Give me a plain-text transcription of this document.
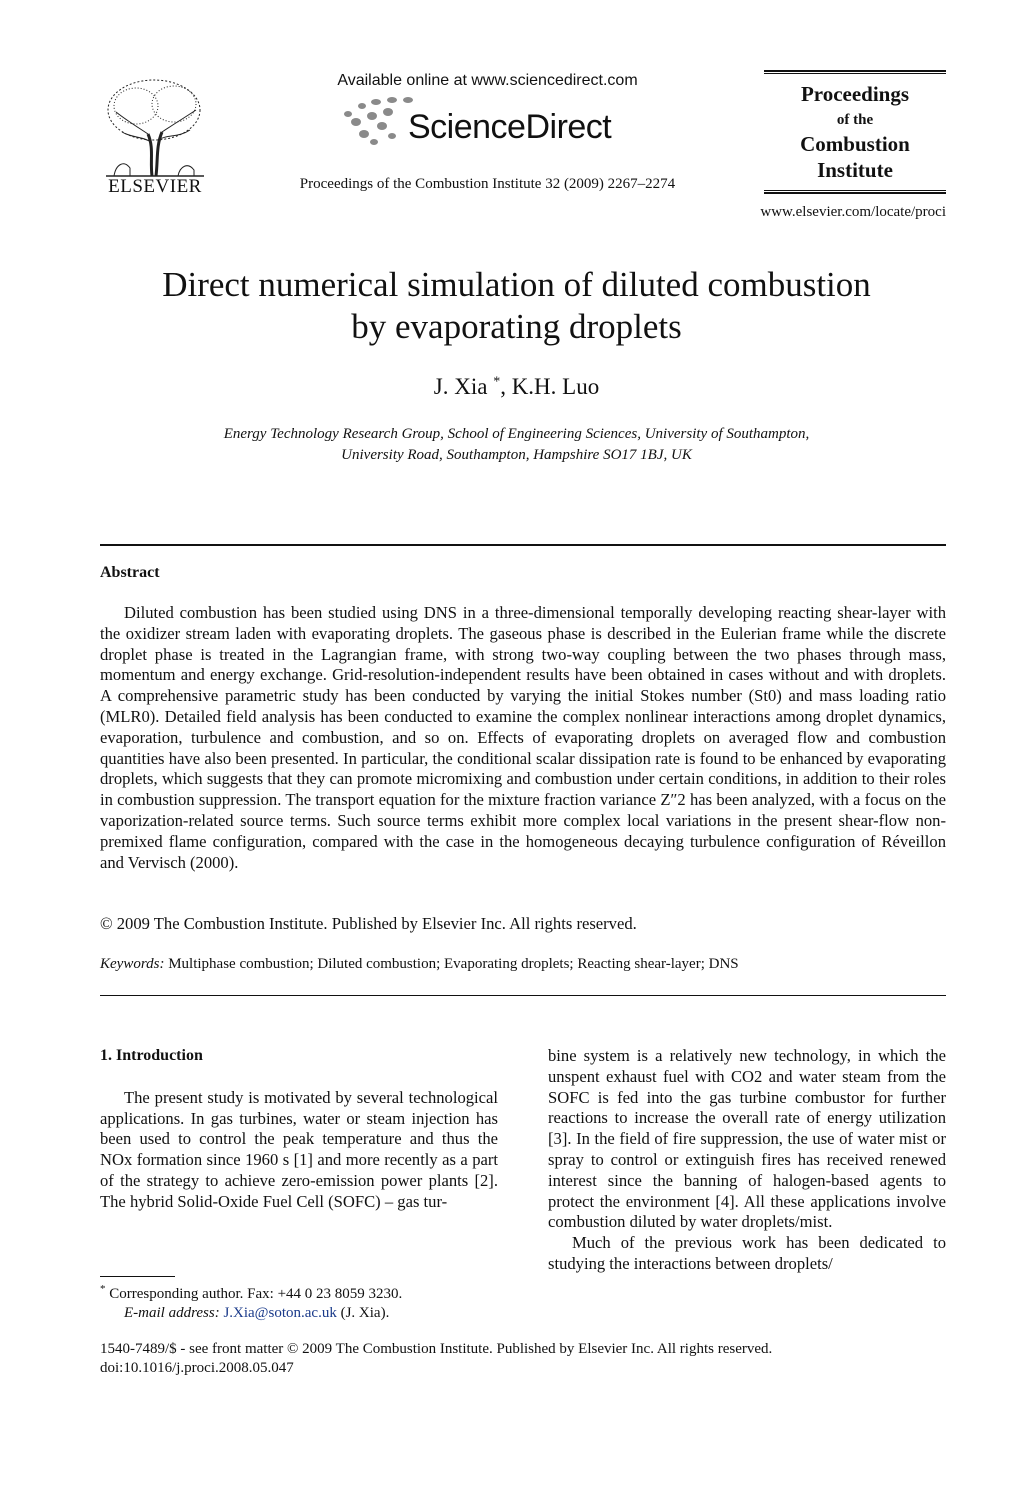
ELSEVIER
Available online at www.sciencedirect.com
ScienceDirect
Proceedings of the Combustion Institute 32 (2009) 2267–2274
Proceedings
of the
Combustion
Institute
www.elsevier.com/locate/proci
Direct numerical simulation of diluted combustion
by evaporating droplets
J. Xia *, K.H. Luo
Energy Technology Research Group, School of Engineering Sciences, University of Southampton,
University Road, Southampton, Hampshire SO17 1BJ, UK
Abstract

Diluted combustion has been studied using DNS in a three-dimensional temporally developing reacting shear-layer with the oxidizer stream laden with evaporating droplets. The gaseous phase is described in the Eulerian frame while the discrete droplet phase is treated in the Lagrangian frame, with strong two-way coupling between the two phases through mass, momentum and energy exchange. Grid-resolution-independent results have been obtained in cases without and with droplets. A comprehensive parametric study has been conducted by varying the initial Stokes number (St0) and mass loading ratio (MLR0). Detailed field analysis has been conducted to examine the complex nonlinear interactions among droplet dynamics, evaporation, turbulence and combustion, and so on. Effects of evaporating droplets on averaged flow and combustion quantities have also been presented. In particular, the conditional scalar dissipation rate is found to be enhanced by evaporating droplets, which suggests that they can promote micromixing and combustion under certain conditions, in addition to their roles in combustion suppression. The transport equation for the mixture fraction variance Z″2 has been analyzed, with a focus on the vaporization-related source terms. Such source terms exhibit more complex local variations in the present shear-flow non-premixed flame configuration, compared with the case in the homogeneous decaying turbulence configuration of Réveillon and Vervisch (2000).

© 2009 The Combustion Institute. Published by Elsevier Inc. All rights reserved.
Keywords: Multiphase combustion; Diluted combustion; Evaporating droplets; Reacting shear-layer; DNS
1. Introduction

The present study is motivated by several technological applications. In gas turbines, water or steam injection has been used to control the peak temperature and thus the NOx formation since 1960 s [1] and more recently as a part of the strategy to achieve zero-emission power plants [2]. The hybrid Solid-Oxide Fuel Cell (SOFC) – gas tur-

bine system is a relatively new technology, in which the unspent exhaust fuel with CO2 and water steam from the SOFC is fed into the gas turbine combustor for further reactions to increase the overall rate of energy utilization [3]. In the field of fire suppression, the use of water mist or spray to control or extinguish fires has received renewed interest since the banning of halogen-based agents to protect the environment [4]. All these applications involve combustion diluted by water droplets/mist.

Much of the previous work has been dedicated to studying the interactions between droplets/

* Corresponding author. Fax: +44 0 23 8059 3230.
E-mail address: J.Xia@soton.ac.uk (J. Xia).
1540-7489/$ - see front matter © 2009 The Combustion Institute. Published by Elsevier Inc. All rights reserved.
doi:10.1016/j.proci.2008.05.047
